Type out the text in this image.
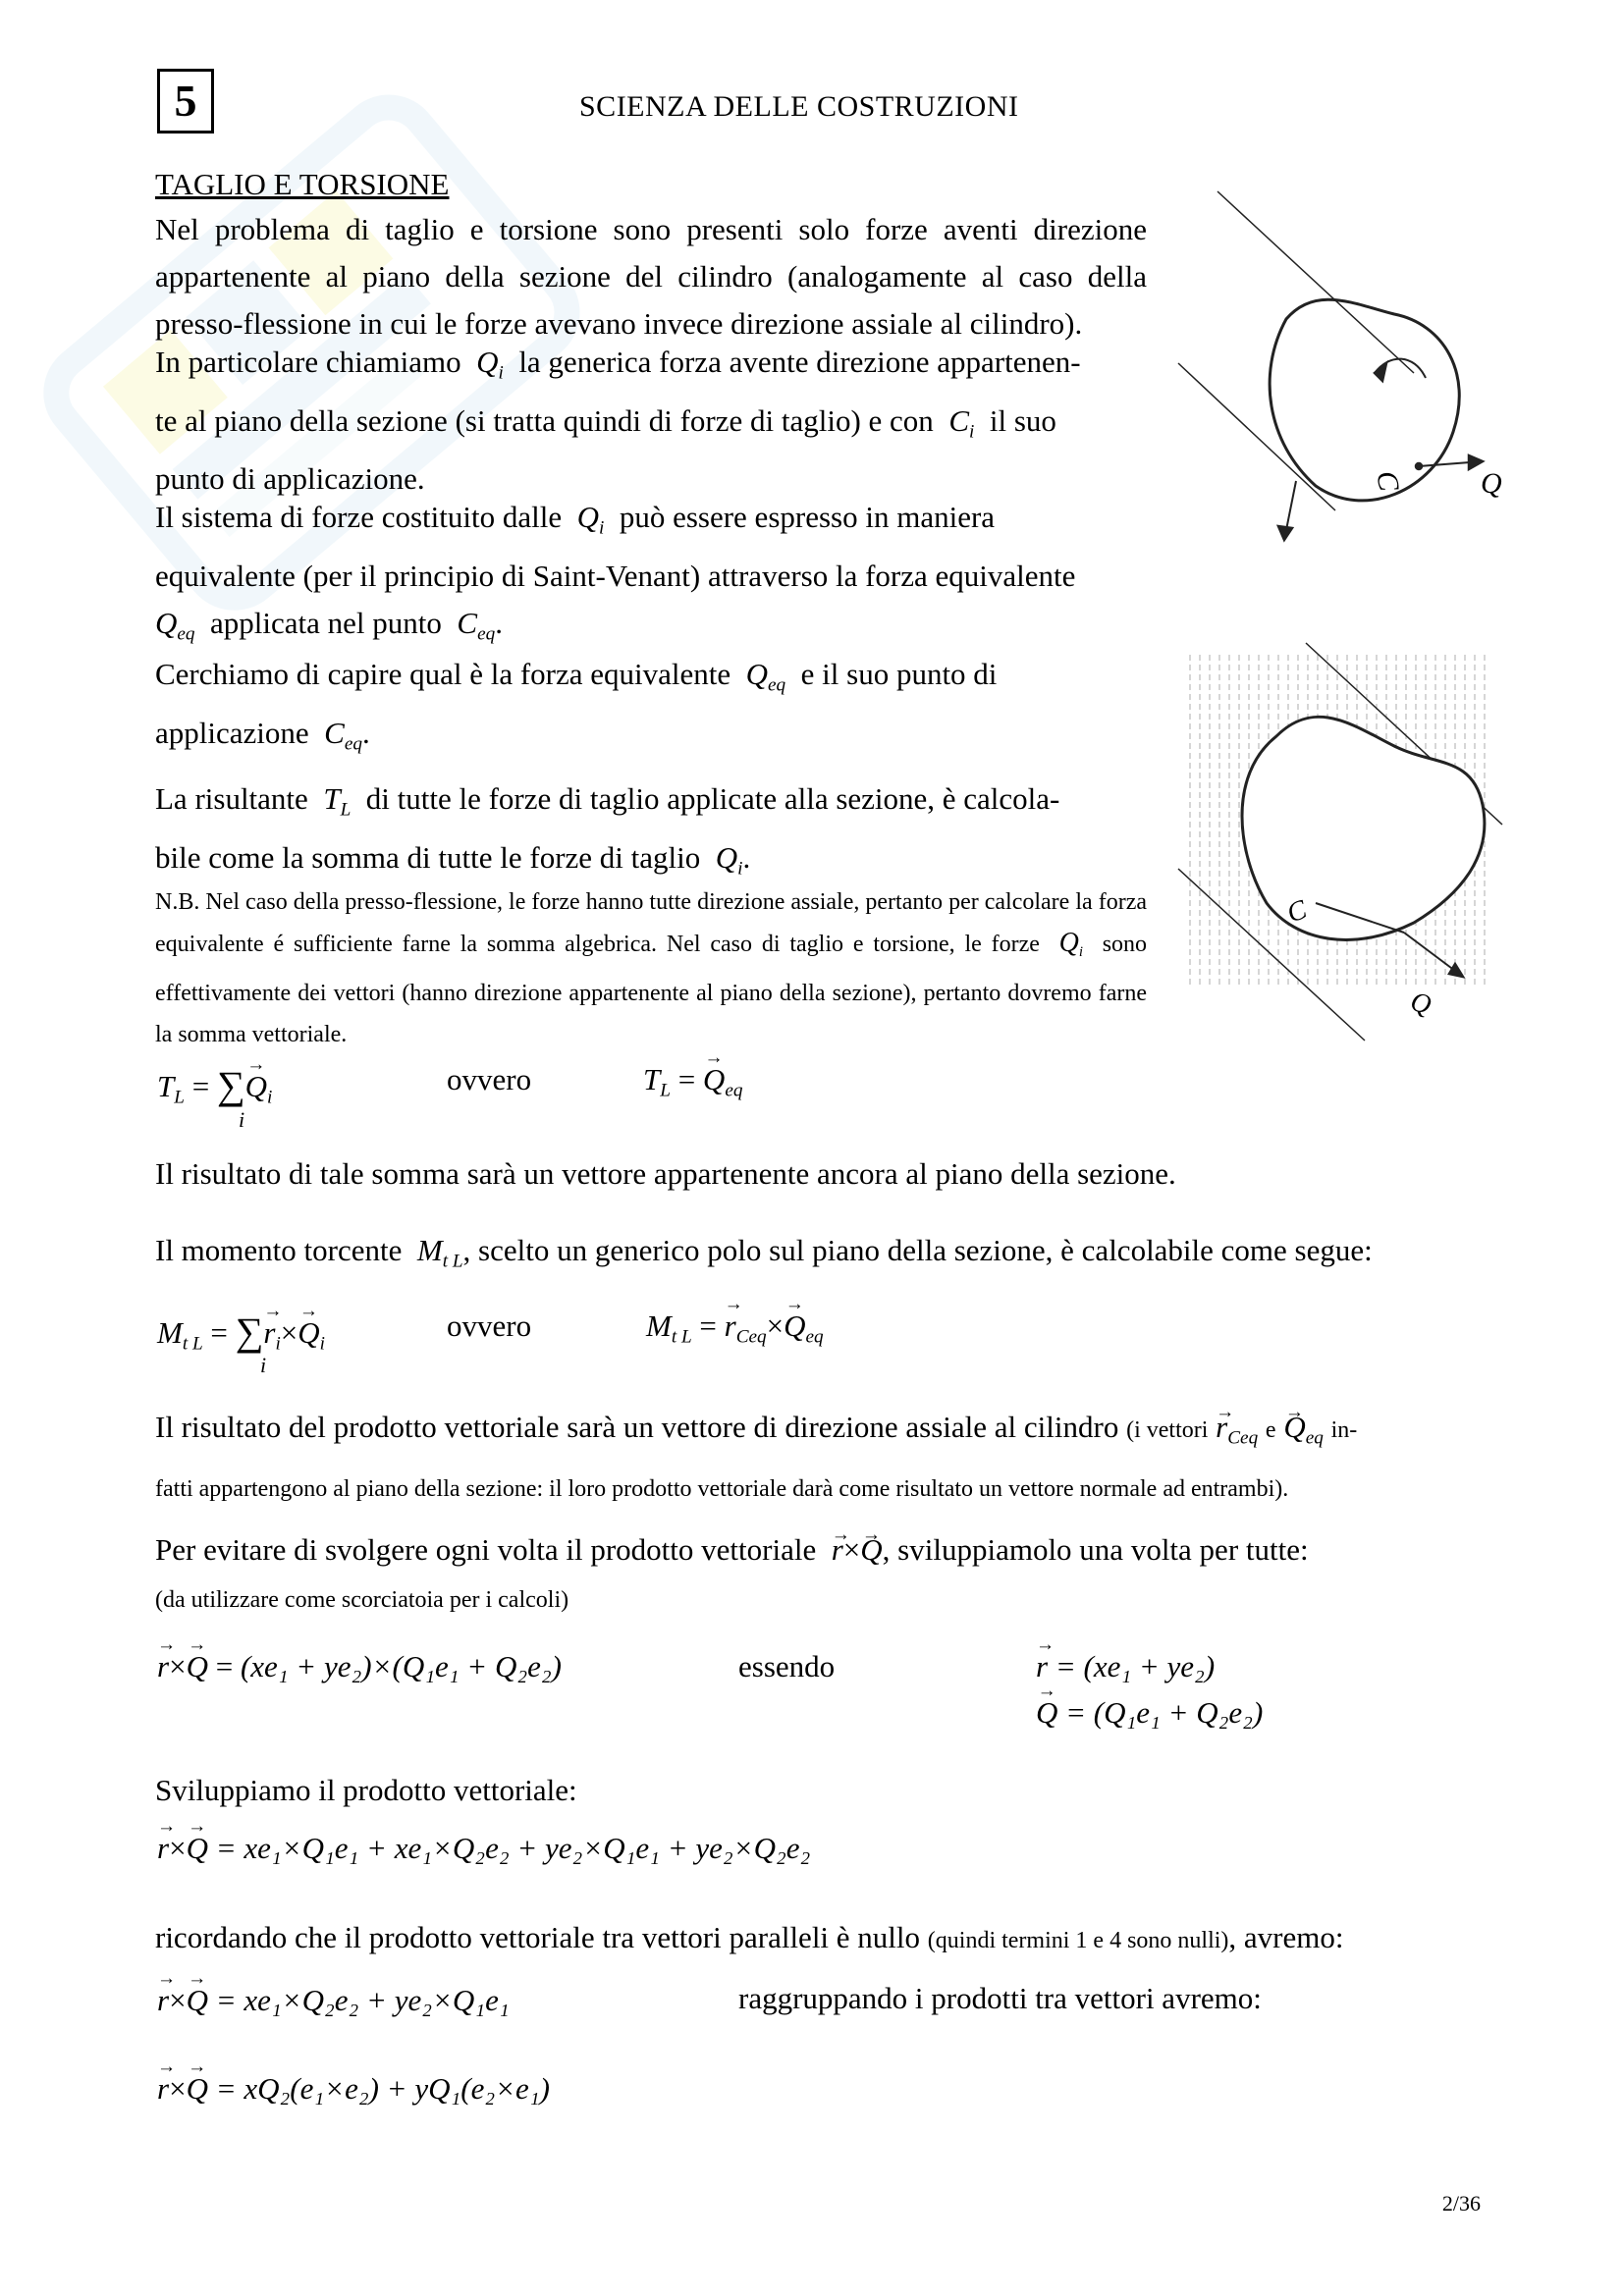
5	SCIENZA DELLE COSTRUZIONI
TAGLIO E TORSIONE
Nel problema di taglio e torsione sono presenti solo forze aventi direzione appartenente al piano della sezione del cilindro (analogamente al caso della presso-flessione in cui le forze avevano invece direzione assiale al cilindro).
In particolare chiamiamo $Q_i$ la generica forza avente direzione appartenen-
te al piano della sezione (si tratta quindi di forze di taglio) e con $C_i$ il suo
punto di applicazione.
Il sistema di forze costituito dalle $Q_i$ può essere espresso in maniera
equivalente (per il principio di Saint-Venant) attraverso la forza equivalente
$Q_{eq}$ applicata nel punto $C_{eq}$.
Cerchiamo di capire qual è la forza equivalente $Q_{eq}$ e il suo punto di
applicazione $C_{eq}$.
La risultante $T_L$ di tutte le forze di taglio applicate alla sezione, è calcola-
bile come la somma di tutte le forze di taglio $Q_i$.
N.B. Nel caso della presso-flessione, le forze hanno tutte direzione assiale, pertanto per calcolare la forza equivalente é sufficiente farne la somma algebrica. Nel caso di taglio e torsione, le forze $Q_i$ sono effettivamente dei vettori (hanno direzione appartenente al piano della sezione), pertanto dovremo farne la somma vettoriale.
$T_L$ = ∑→ $Q_i$
i
ovvero	$T_L$ = → $Q_{eq}$
Il risultato di tale somma sarà un vettore appartenente ancora al piano della sezione.
Il momento torcente $M_{t L}$, scelto un generico polo sul piano della sezione, è calcolabile come segue:
$M_{t L}$ = ∑→ $r_i\times\to Q_i$
i
ovvero	$M_{t L}$ = → $r_{Ceq}\times\to Q_{eq}$
Il risultato del prodotto vettoriale sarà un vettore di direzione assiale al cilindro (i vettori → $r_{Ceq}$ $e \to Q_{eq}$ in-
fatti appartengono al piano della sezione: il loro prodotto vettoriale darà come risultato un vettore normale ad entrambi).
Per evitare di svolgere ogni volta il prodotto vettoriale → r×→ Q, sviluppiamolo una volta per tutte:
(da utilizzare come scorciatoia per i calcoli)
→ r×→ Q = (xe₁ + ye₂)×(Q₁e₁ + Q₂e₂)	essendo	→ r = (xe₁ + ye₂)
→ Q = (Q₁e₁ + Q₂e₂)
Sviluppiamo il prodotto vettoriale:
→ r×→ Q = xe₁×Q₁e₁ + xe₁×Q₂e₂ + ye₂×Q₁e₁ + ye₂×Q₂e₂
ricordando che il prodotto vettoriale tra vettori paralleli è nullo (quindi termini 1 e 4 sono nulli), avremo:
→ r×→ Q = xe₁×Q₂e₂ + ye₂×Q₁e₁	raggruppando i prodotti tra vettori avremo:
→ r×→ Q = xQ₂(e₁×e₂) + yQ₁(e₂×e₁)
C	Q
C
Q
2/36
